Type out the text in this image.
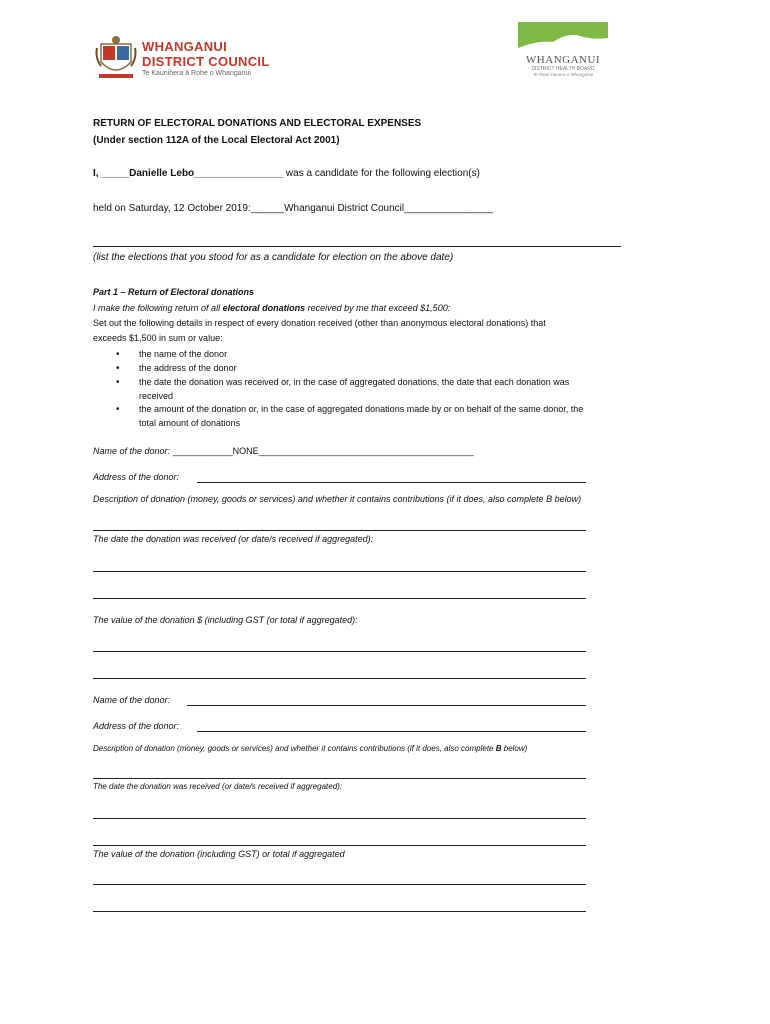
WHANGANUI
DISTRICT COUNCIL
Te Kaunihera ā Rohe o Whanganui
WHANGANUI
DISTRICT HEALTH BOARD
Te Poari Hauora o Whanganui
RETURN OF ELECTORAL DONATIONS AND ELECTORAL EXPENSES
(Under section 112A of the Local Electoral Act 2001)
I, _____Danielle Lebo________________ was a candidate for the following election(s)
held on Saturday, 12 October 2019:______Whanganui District Council________________
(list the elections that you stood for as a candidate for election on the above date)
Part 1 – Return of Electoral donations
I make the following return of all electoral donations received by me that exceed $1,500:
Set out the following details in respect of every donation received (other than anonymous electoral donations) that
exceeds $1,500 in sum or value:
• the name of the donor
• the address of the donor
• the date the donation was received or, in the case of aggregated donations, the date that each donation was
received
• the amount of the donation or, in the case of aggregated donations made by or on behalf of the same donor, the
total amount of donations
Name of the donor: ____________NONE___________________________________________
Address of the donor:
Description of donation (money, goods or services) and whether it contains contributions (if it does, also complete B below)
The date the donation was received (or date/s received if aggregated):
The value of the donation $ (including GST (or total if aggregated):
Name of the donor:
Address of the donor:
Description of donation (money, goods or services) and whether it contains contributions (if it does, also complete B below)
The date the donation was received (or date/s received if aggregated):
The value of the donation (including GST) or total if aggregated
